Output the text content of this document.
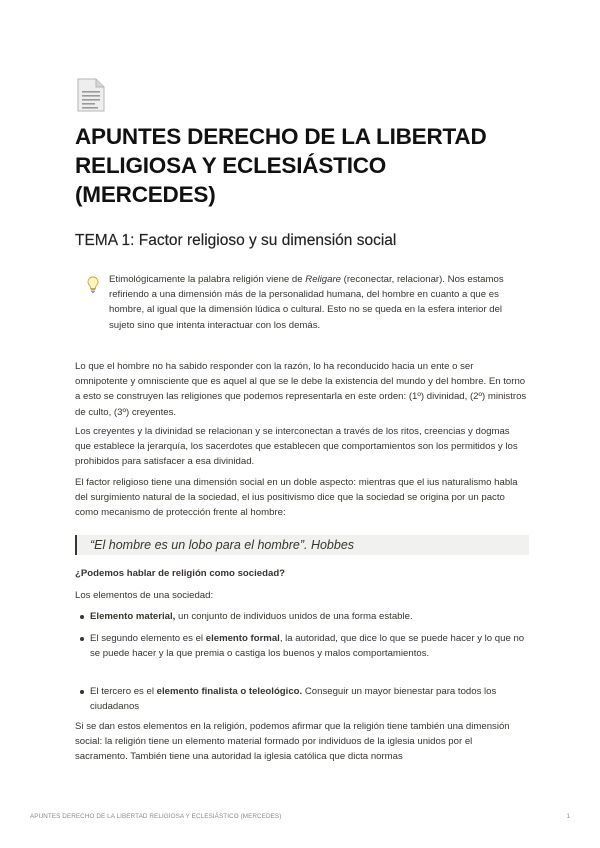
APUNTES DERECHO DE LA LIBERTAD RELIGIOSA Y ECLESIÁSTICO (MERCEDES)
TEMA 1: Factor religioso y su dimensión social
Etimológicamente la palabra religión viene de Religare (reconectar, relacionar). Nos estamos refiriendo a una dimensión más de la personalidad humana, del hombre en cuanto a que es hombre, al igual que la dimensión lúdica o cultural. Esto no se queda en la esfera interior del sujeto sino que intenta interactuar con los demás.

Lo que el hombre no ha sabido responder con la razón, lo ha reconducido hacia un ente o ser omnipotente y omnisciente que es aquel al que se le debe la existencia del mundo y del hombre. En torno a esto se construyen las religiones que podemos representarla en este orden: (1º) divinidad, (2º) ministros de culto, (3º) creyentes.

Los creyentes y la divinidad se relacionan y se interconectan a través de los ritos, creencias y dogmas que establece la jerarquía, los sacerdotes que establecen que comportamientos son los permitidos y los prohibidos para satisfacer a esa divinidad.

El factor religioso tiene una dimensión social en un doble aspecto: mientras que el ius naturalismo habla del surgimiento natural de la sociedad, el ius positivismo dice que la sociedad se origina por un pacto como mecanismo de protección frente al hombre:

“El hombre es un lobo para el hombre”. Hobbes
¿Podemos hablar de religión como sociedad?

Los elementos de una sociedad:

Elemento material, un conjunto de individuos unidos de una forma estable.
El segundo elemento es el elemento formal, la autoridad, que dice lo que se puede hacer y lo que no se puede hacer y la que premia o castiga los buenos y malos comportamientos.
El tercero es el elemento finalista o teleológico. Conseguir un mayor bienestar para todos los ciudadanos

Si se dan estos elementos en la religión, podemos afirmar que la religión tiene también una dimensión social: la religión tiene un elemento material formado por individuos de la iglesia unidos por el sacramento. También tiene una autoridad la iglesia católica que dicta normas

APUNTES DERECHO DE LA LIBERTAD RELIGIOSA Y ECLESIÁSTICO (MERCEDES)	1
